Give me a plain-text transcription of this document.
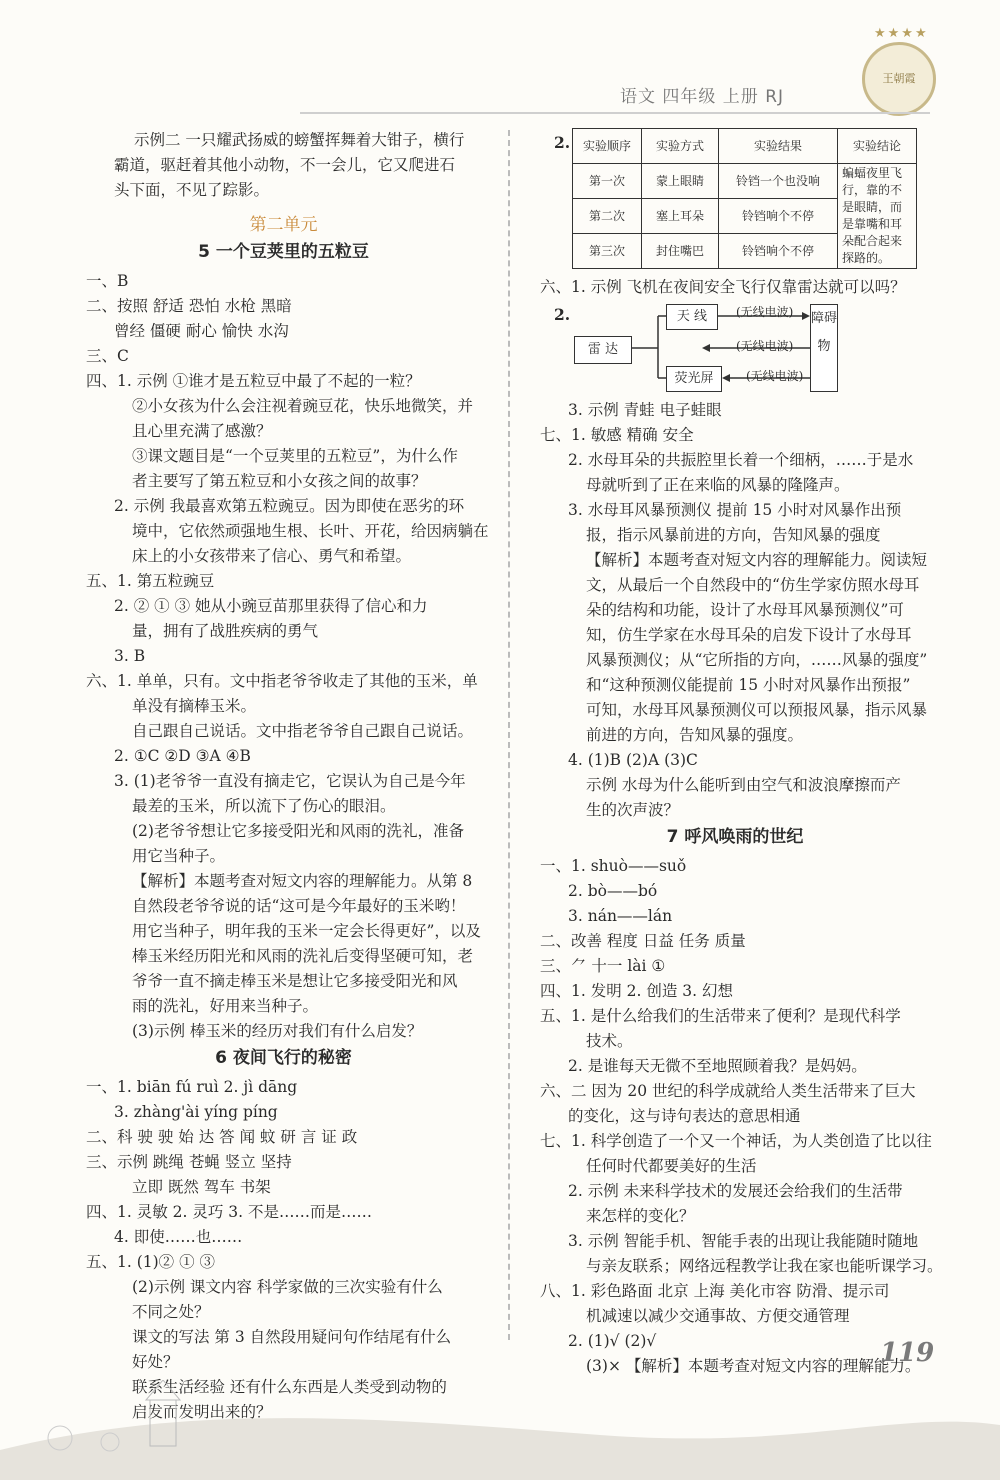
★★★★
王朝霞
语文 四年级 上册 RJ
示例二 一只耀武扬威的螃蟹挥舞着大钳子，横行
霸道，驱赶着其他小动物，不一会儿，它又爬进石
头下面，不见了踪影。
第二单元
5 一个豆荚里的五粒豆
一、B
二、按照 舒适 恐怕 水枪 黑暗
曾经 僵硬 耐心 愉快 水沟
三、C
四、1. 示例 ①谁才是五粒豆中最了不起的一粒？
②小女孩为什么会注视着豌豆花，快乐地微笑，并
且心里充满了感激？
③课文题目是“一个豆荚里的五粒豆”，为什么作
者主要写了第五粒豆和小女孩之间的故事？
2. 示例 我最喜欢第五粒豌豆。因为即使在恶劣的环
境中，它依然顽强地生根、长叶、开花，给因病躺在
床上的小女孩带来了信心、勇气和希望。
五、1. 第五粒豌豆
2. ② ① ③ 她从小豌豆苗那里获得了信心和力
量，拥有了战胜疾病的勇气
3. B
六、1. 单单，只有。文中指老爷爷收走了其他的玉米，单
单没有摘棒玉米。
自己跟自己说话。文中指老爷爷自己跟自己说话。
2. ①C ②D ③A ④B
3. (1)老爷爷一直没有摘走它，它误认为自己是今年
最差的玉米，所以流下了伤心的眼泪。
(2)老爷爷想让它多接受阳光和风雨的洗礼，准备
用它当种子。
【解析】本题考查对短文内容的理解能力。从第 8
自然段老爷爷说的话“这可是今年最好的玉米哟！
用它当种子，明年我的玉米一定会长得更好”，以及
棒玉米经历阳光和风雨的洗礼后变得坚硬可知，老
爷爷一直不摘走棒玉米是想让它多接受阳光和风
雨的洗礼，好用来当种子。
(3)示例 棒玉米的经历对我们有什么启发？
6 夜间飞行的秘密
一、1. biān fú ruì 2. jì dāng
3. zhàng'ài yíng píng
二、科 驶 驶 始 达 答 闻 蚊 研 言 证 政
三、示例 跳绳 苍蝇 竖立 坚持
立即 既然 驾车 书架
四、1. 灵敏 2. 灵巧 3. 不是……而是……
4. 即使……也……
五、1. (1)② ① ③
(2)示例 课文内容 科学家做的三次实验有什么
不同之处？
课文的写法 第 3 自然段用疑问句作结尾有什么
好处？
联系生活经验 还有什么东西是人类受到动物的
启发而发明出来的？
2. 实验顺序	实验方式	实验结果	实验结论
第一次	蒙上眼睛	铃铛一个也没响	蝙蝠夜里飞行，靠的不是眼睛，而是靠嘴和耳朵配合起来探路的。
第二次	塞上耳朵	铃铛响个不停	
第三次	封住嘴巴	铃铛响个不停	
六、1. 示例 飞机在夜间安全飞行仅靠雷达就可以吗？
2.
雷 达
天 线
荧光屏
障碍物
(无线电波)
(无线电波)
(无线电波)
3. 示例 青蛙 电子蛙眼
七、1. 敏感 精确 安全
2. 水母耳朵的共振腔里长着一个细柄，……于是水
母就听到了正在来临的风暴的隆隆声。
3. 水母耳风暴预测仪 提前 15 小时对风暴作出预
报，指示风暴前进的方向，告知风暴的强度
【解析】本题考查对短文内容的理解能力。阅读短
文，从最后一个自然段中的“仿生学家仿照水母耳
朵的结构和功能，设计了水母耳风暴预测仪”可
知，仿生学家在水母耳朵的启发下设计了水母耳
风暴预测仪；从“它所指的方向，……风暴的强度”
和“这种预测仪能提前 15 小时对风暴作出预报”
可知，水母耳风暴预测仪可以预报风暴，指示风暴
前进的方向，告知风暴的强度。
4. (1)B (2)A (3)C
示例 水母为什么能听到由空气和波浪摩擦而产
生的次声波？
7 呼风唤雨的世纪
一、1. shuò——suǒ
2. bò——bó
3. nán——lán
二、改善 程度 日益 任务 质量
三、⺈ 十一 lài ①
四、1. 发明 2. 创造 3. 幻想
五、1. 是什么给我们的生活带来了便利？是现代科学
技术。
2. 是谁每天无微不至地照顾着我？是妈妈。
六、二 因为 20 世纪的科学成就给人类生活带来了巨大
的变化，这与诗句表达的意思相通
七、1. 科学创造了一个又一个神话，为人类创造了比以往
任何时代都要美好的生活
2. 示例 未来科学技术的发展还会给我们的生活带
来怎样的变化？
3. 示例 智能手机、智能手表的出现让我能随时随地
与亲友联系；网络远程教学让我在家也能听课学习。
八、1. 彩色路面 北京 上海 美化市容 防滑、提示司
机减速以减少交通事故、方便交通管理
2. (1)√ (2)√
(3)× 【解析】本题考查对短文内容的理解能力。
119
